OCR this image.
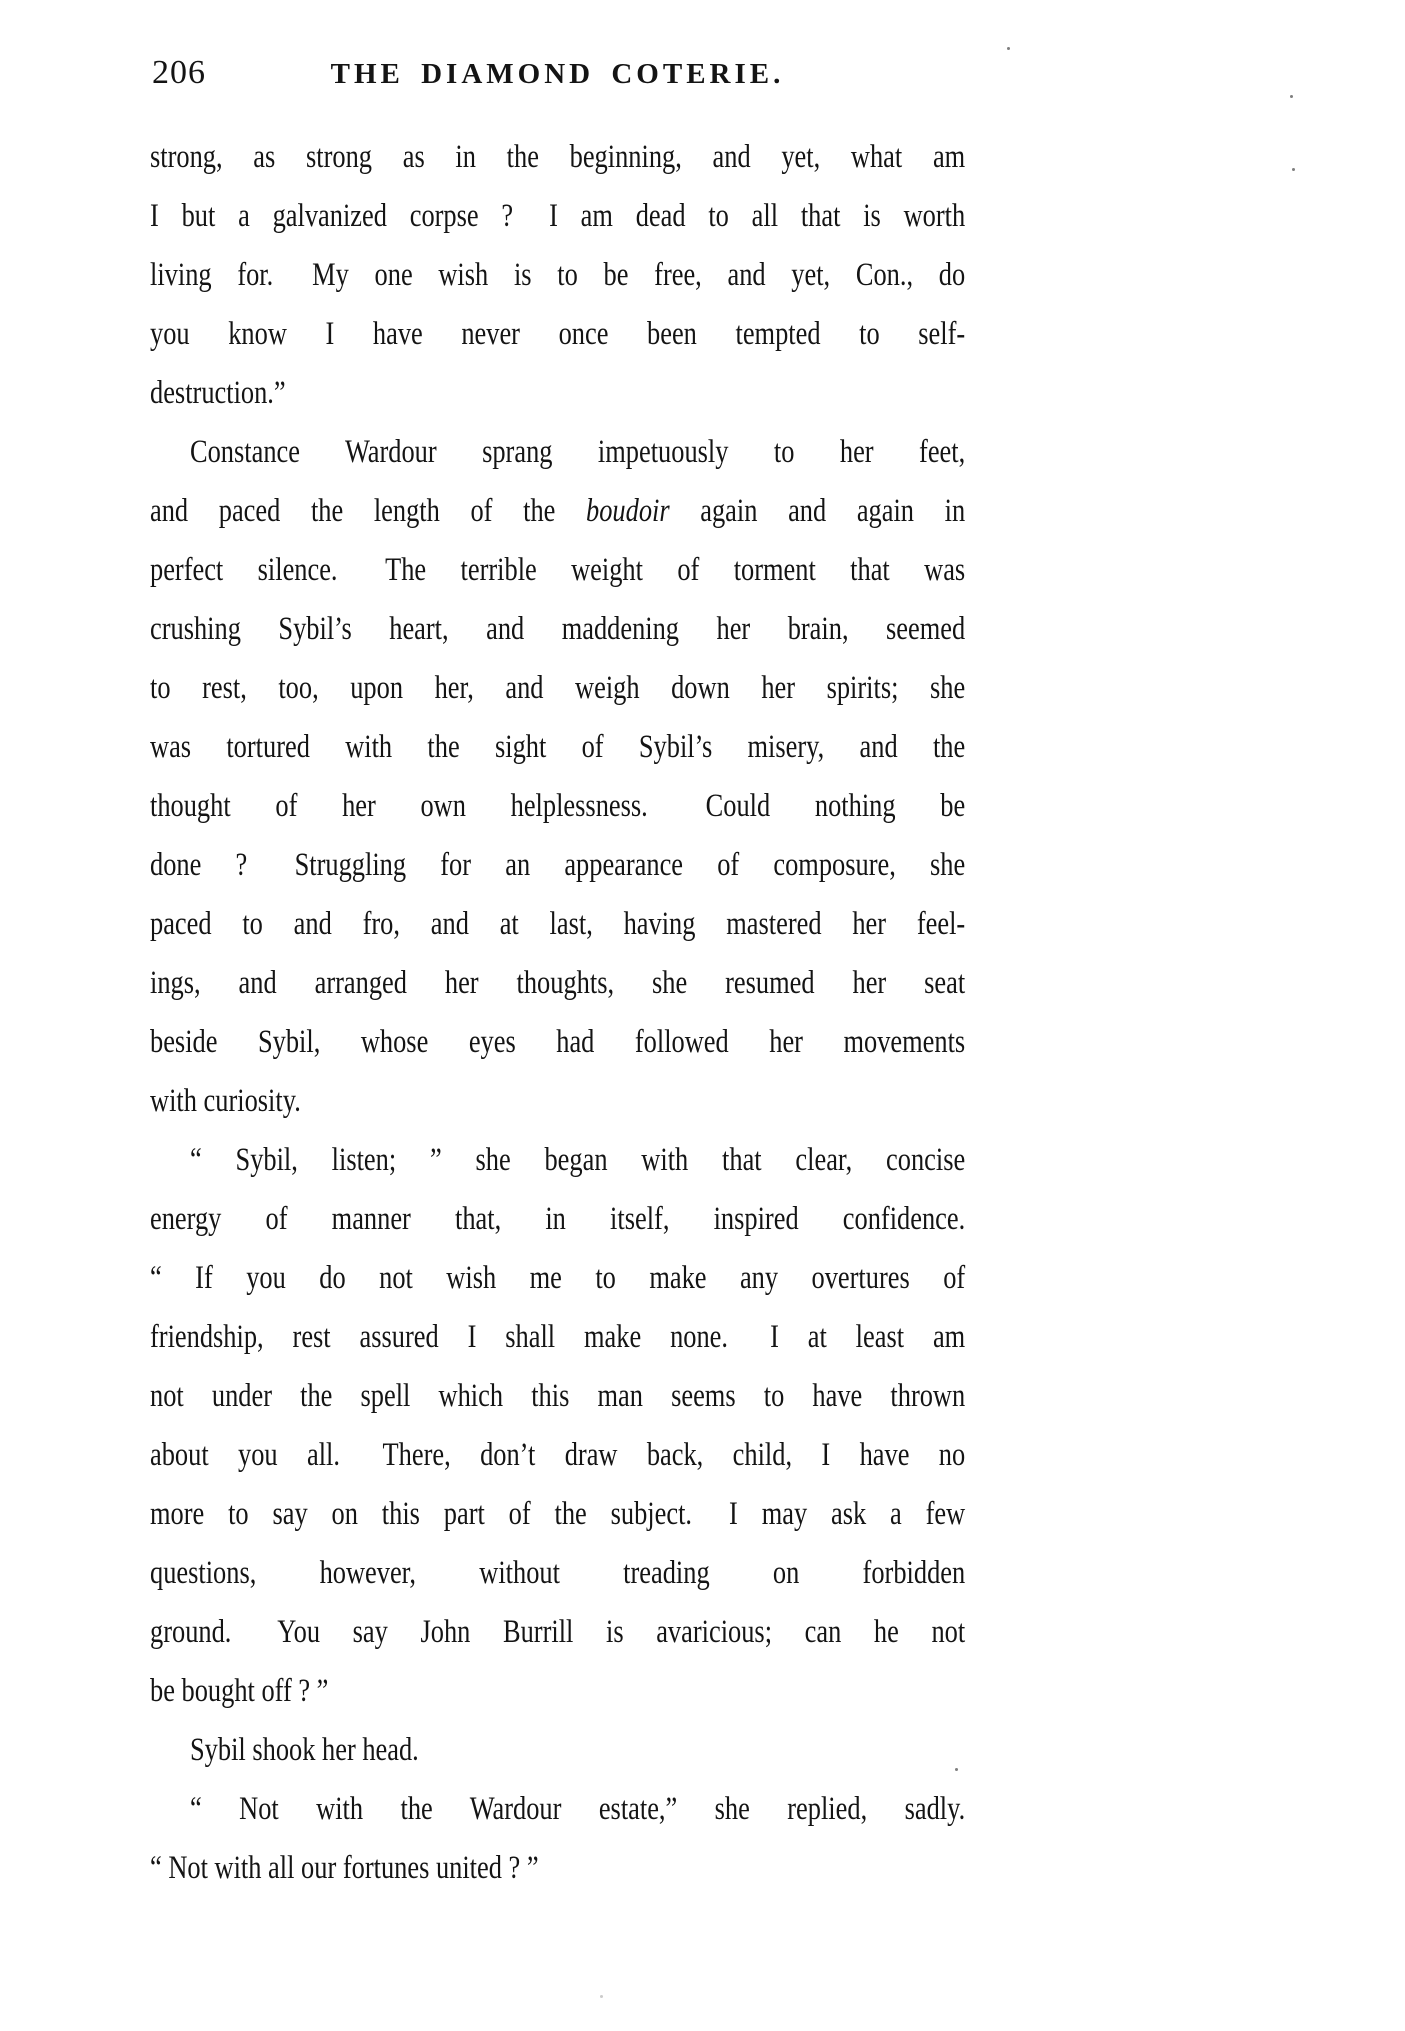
206	THE DIAMOND COTERIE.
strong, as strong as in the beginning, and yet, what am
I but a galvanized corpse ?  I am dead to all that is worth
living for.  My one wish is to be free, and yet, Con., do
you know I have never once been tempted to self-
destruction.”
Constance Wardour sprang impetuously to her feet,
and paced the length of the boudoir again and again in
perfect silence.  The terrible weight of torment that was
crushing Sybil’s heart, and maddening her brain, seemed
to rest, too, upon her, and weigh down her spirits; she
was tortured with the sight of Sybil’s misery, and the
thought of her own helplessness.  Could nothing be
done ?  Struggling for an appearance of composure, she
paced to and fro, and at last, having mastered her feel-
ings, and arranged her thoughts, she resumed her seat
beside Sybil, whose eyes had followed her movements
with curiosity.
“ Sybil, listen; ” she began with that clear, concise
energy of manner that, in itself, inspired confidence.
“ If you do not wish me to make any overtures of
friendship, rest assured I shall make none.  I at least am
not under the spell which this man seems to have thrown
about you all.  There, don’t draw back, child, I have no
more to say on this part of the subject.  I may ask a few
questions, however, without treading on forbidden
ground.  You say John Burrill is avaricious; can he not
be bought off ? ”
Sybil shook her head.
“ Not with the Wardour estate,” she replied, sadly.
“ Not with all our fortunes united ? ”
